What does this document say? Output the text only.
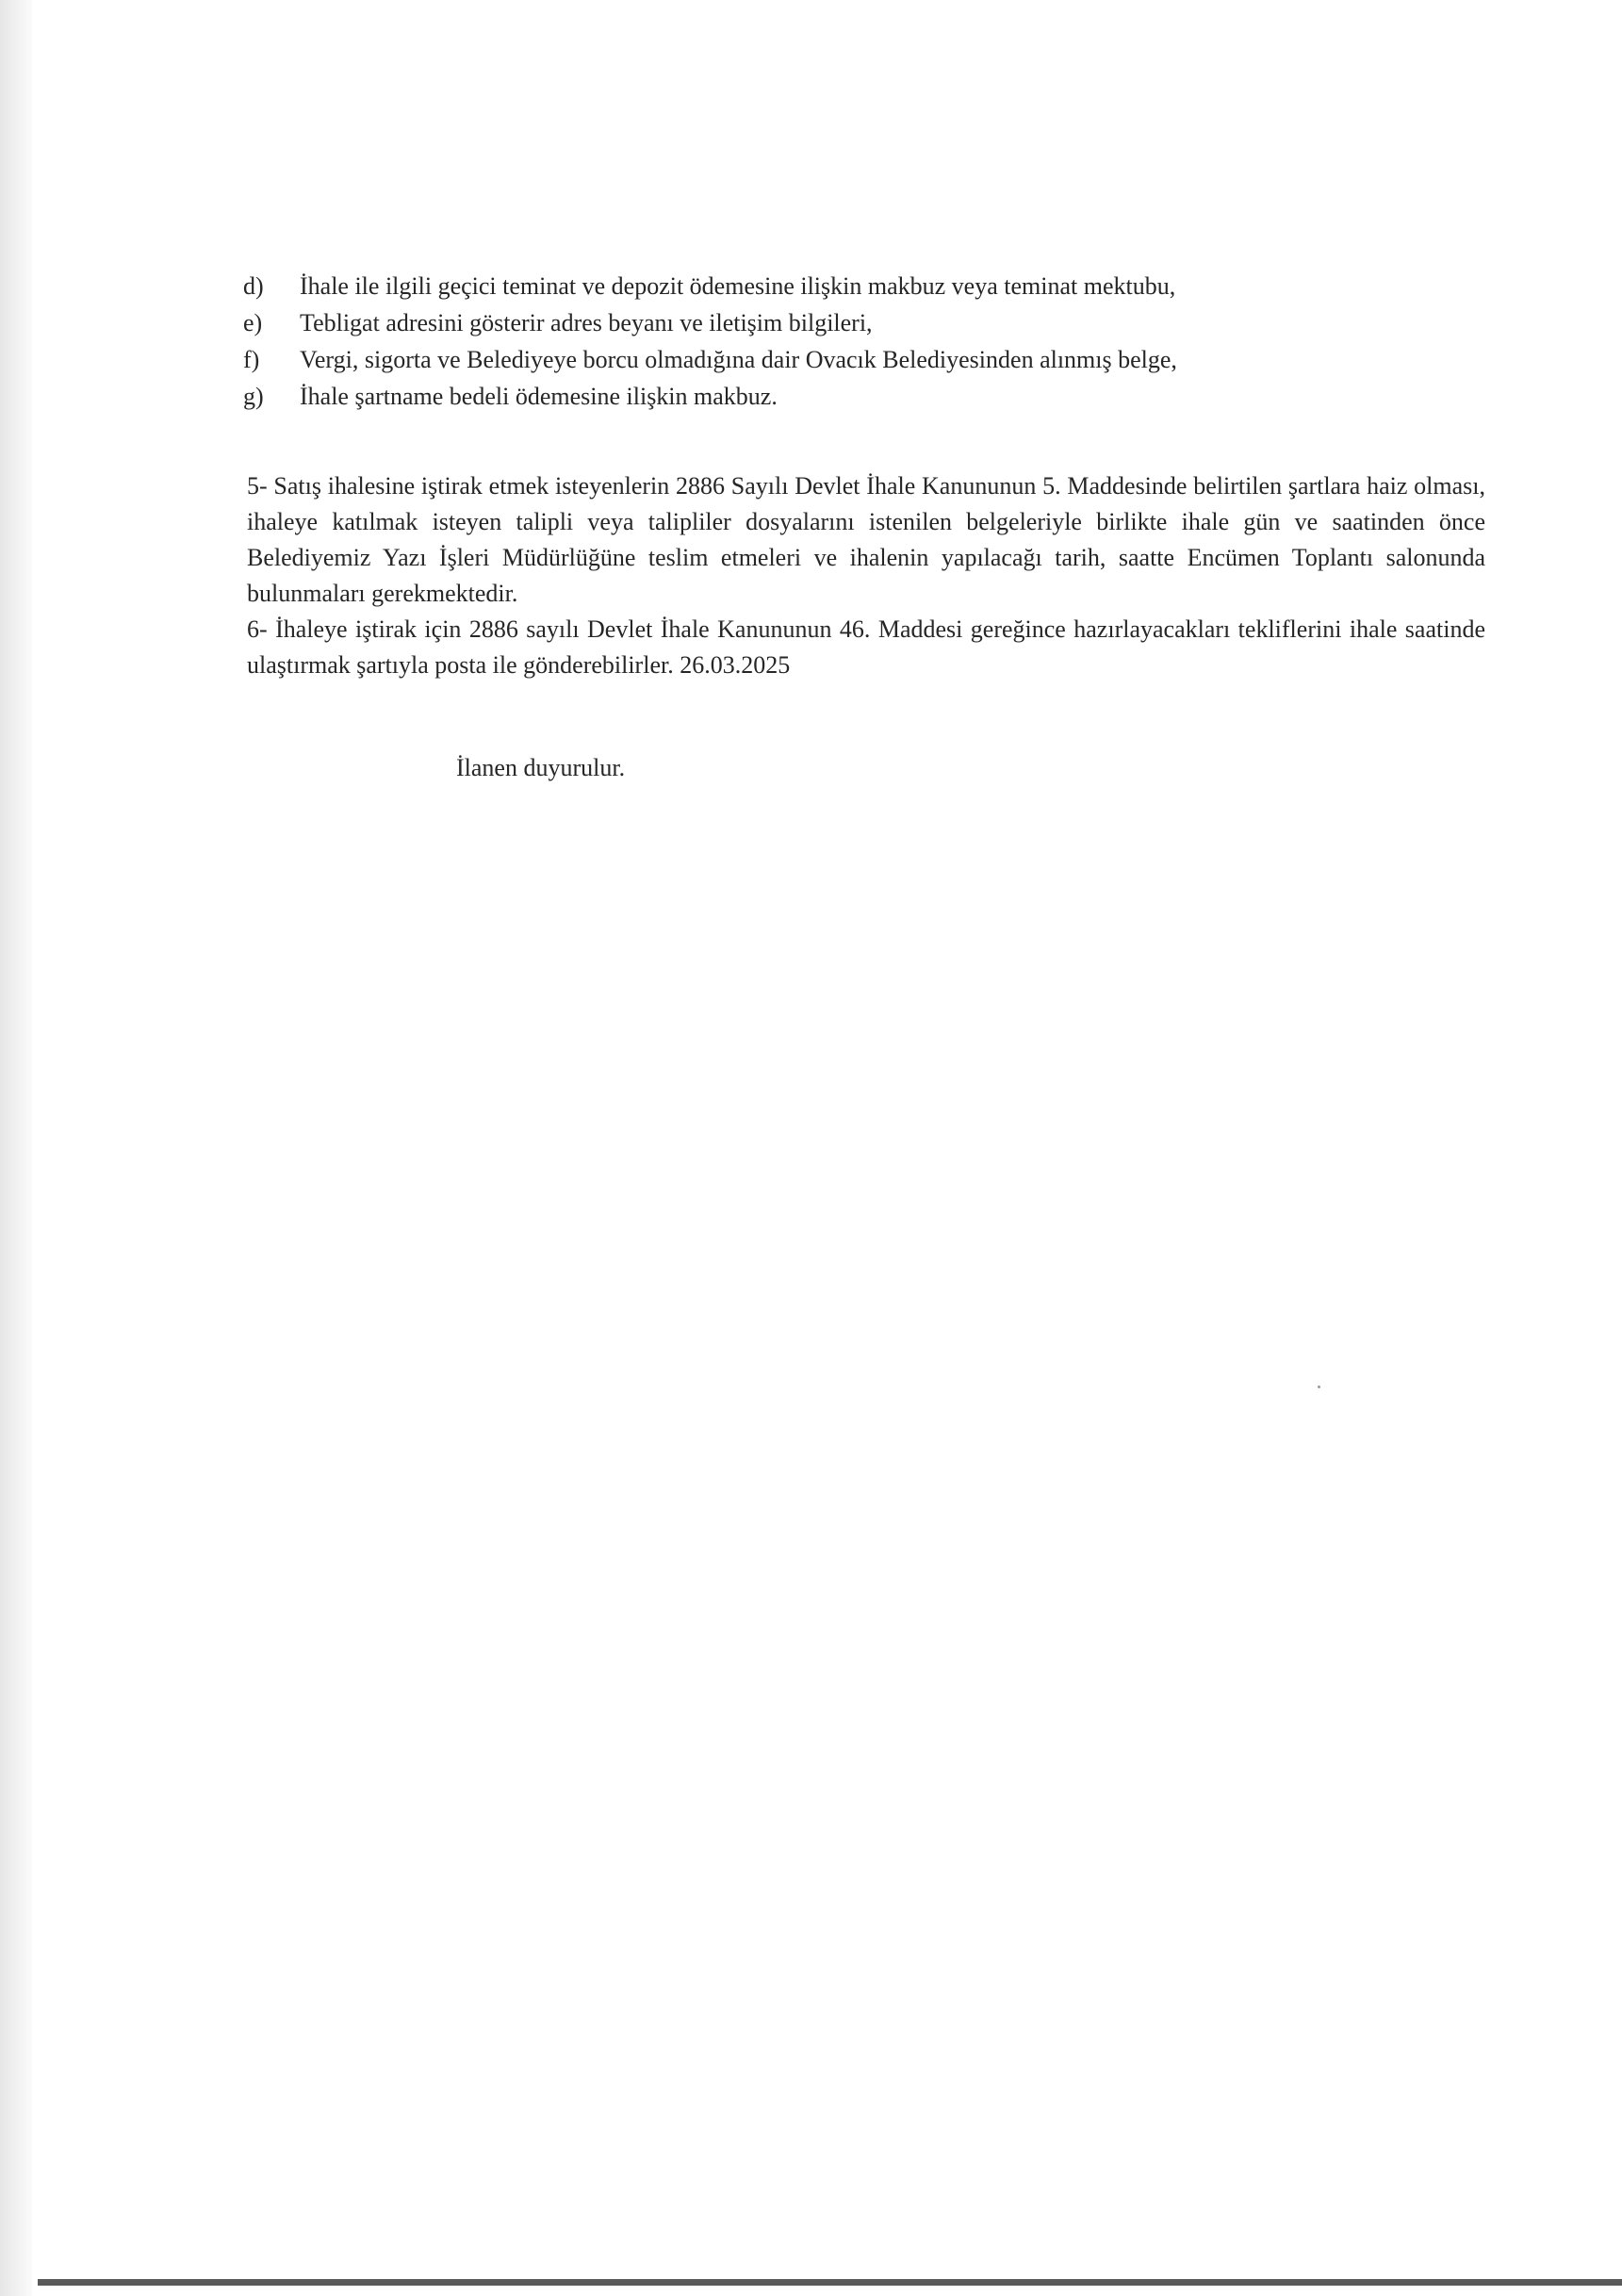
d)	İhale ile ilgili geçici teminat ve depozit ödemesine ilişkin makbuz veya teminat mektubu,
e)	Tebligat adresini gösterir adres beyanı ve iletişim bilgileri,
f)	Vergi, sigorta ve Belediyeye borcu olmadığına dair Ovacık Belediyesinden alınmış belge,
g)	İhale şartname bedeli ödemesine ilişkin makbuz.

5- Satış ihalesine iştirak etmek isteyenlerin 2886 Sayılı Devlet İhale Kanununun 5. Maddesinde belirtilen şartlara haiz olması, ihaleye katılmak isteyen talipli veya talipliler dosyalarını istenilen belgeleriyle birlikte ihale gün ve saatinden önce Belediyemiz Yazı İşleri Müdürlüğüne teslim etmeleri ve ihalenin yapılacağı tarih, saatte Encümen Toplantı salonunda bulunmaları gerekmektedir.

6- İhaleye iştirak için 2886 sayılı Devlet İhale Kanununun 46. Maddesi gereğince hazırlayacakları tekliflerini ihale saatinde ulaştırmak şartıyla posta ile gönderebilirler. 26.03.2025

İlanen duyurulur.
